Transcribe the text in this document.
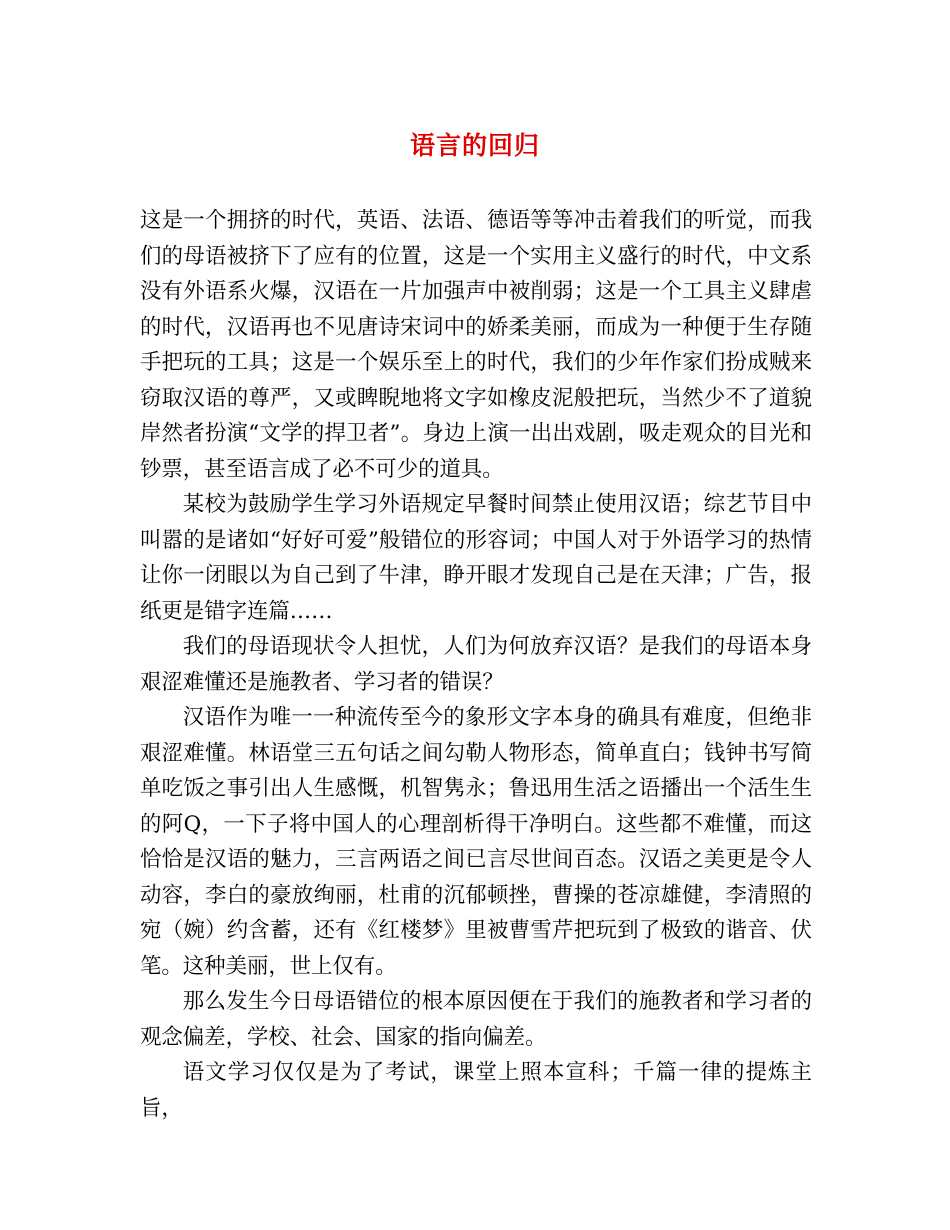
语言的回归

这是一个拥挤的时代，英语、法语、德语等等冲击着我们的听觉，而我们的母语被挤下了应有的位置，这是一个实用主义盛行的时代，中文系没有外语系火爆，汉语在一片加强声中被削弱；这是一个工具主义肆虐的时代，汉语再也不见唐诗宋词中的娇柔美丽，而成为一种便于生存随手把玩的工具；这是一个娱乐至上的时代，我们的少年作家们扮成贼来窃取汉语的尊严，又或睥睨地将文字如橡皮泥般把玩，当然少不了道貌岸然者扮演“文学的捍卫者”。身边上演一出出戏剧，吸走观众的目光和钞票，甚至语言成了必不可少的道具。

某校为鼓励学生学习外语规定早餐时间禁止使用汉语；综艺节目中叫嚣的是诸如“好好可爱”般错位的形容词；中国人对于外语学习的热情让你一闭眼以为自己到了牛津，睁开眼才发现自己是在天津；广告，报纸更是错字连篇……

我们的母语现状令人担忧，人们为何放弃汉语？是我们的母语本身艰涩难懂还是施教者、学习者的错误？

汉语作为唯一一种流传至今的象形文字本身的确具有难度，但绝非艰涩难懂。林语堂三五句话之间勾勒人物形态，简单直白；钱钟书写简单吃饭之事引出人生感慨，机智隽永；鲁迅用生活之语播出一个活生生的阿Q，一下子将中国人的心理剖析得干净明白。这些都不难懂，而这恰恰是汉语的魅力，三言两语之间已言尽世间百态。汉语之美更是令人动容，李白的豪放绚丽，杜甫的沉郁顿挫，曹操的苍凉雄健，李清照的宛（婉）约含蓄，还有《红楼梦》里被曹雪芹把玩到了极致的谐音、伏笔。这种美丽，世上仅有。

那么发生今日母语错位的根本原因便在于我们的施教者和学习者的观念偏差，学校、社会、国家的指向偏差。

语文学习仅仅是为了考试，课堂上照本宣科；千篇一律的提炼主旨，
